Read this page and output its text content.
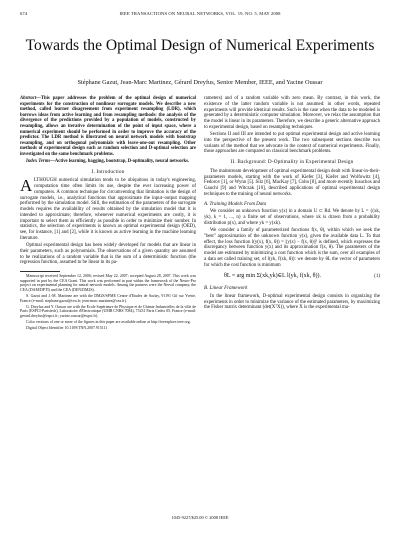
674	IEEE TRANSACTIONS ON NEURAL NETWORKS, VOL. 19, NO. 5, MAY 2008
Towards the Optimal Design of Numerical Experiments
Stéphane Gazut, Jean-Marc Martinez, Gérard Dreyfus, Senior Member, IEEE, and Yacine Oussar

Abstract—This paper addresses the problem of the optimal design of numerical experiments for the construction of nonlinear surrogate models. We describe a new method, called learner disagreement from experiment resampling (LDR), which borrows ideas from active learning and from resampling methods: the analysis of the divergence of the predictions provided by a population of models, constructed by resampling, allows an iterative determination of the point of input space, where a numerical experiment should be performed in order to improve the accuracy of the predictor. The LDR method is illustrated on neural network models with bootstrap resampling, and on orthogonal polynomials with leave-one-out resampling. Other methods of experimental design such as random selection and D-optimal selection are investigated on the same benchmark problems.

Index Terms—Active learning, bagging, bootstrap, D-optimality, neural networks.

I. Introduction

ALTHOUGH numerical simulation tends to be ubiquitous in today's engineering, computation time often limits its use, despite the ever increasing power of computers. A common technique for circumventing that limitation is the design of surrogate models, i.e., analytical functions that approximate the input–output mapping performed by the simulation model. Still, the estimation of the parameters of the surrogate models requires the availability of results obtained by the simulation model that it is intended to approximate; therefore, whenever numerical experiments are costly, it is important to select them as efficiently as possible in order to minimize their number. In statistics, the selection of experiments is known as optimal experimental design (OED), see, for instance, [1] and [2], while it is known as active learning in the machine learning literature.

Optimal experimental design has been widely developed for models that are linear in their parameters, such as polynomials. The observations of a given quantity are assumed to be realizations of a random variable that is the sum of a deterministic function (the regression function, assumed to be linear in its pa-

Manuscript received September 12, 2006; revised May 22, 2007; accepted August 28, 2007. This work was supported in part by the CEA Grant. This work was performed in part within the framework of the Neuro-Pro project on experimental planning for neural network models. Among the partners were the Nerval company, the CEA (DAM/DPTI) and the CEA (DEN/DM2S).

S. Gazut and J.-M. Martinez are with the DM2S/SFME Centre d'Etudes de Saclay, 91191 Gif sur Yvette, France (e-mail: stephane.gazut@cea.fr; jean-marc.martinez@cea.fr).

G. Dreyfus and Y. Oussar are with the Ecole Supérieure de Physique et de Chimie Industrielles de la ville de Paris (ESPCI-Paristech), Laboratoire d'Electronique (UMR CNRS 7084), 75231 Paris Cedex 05, France (e-mail: gerard.dreyfus@espci.fr; yacine.oussar@espci.fr).

Color versions of one or more of the figures in this paper are available online at http://ieeexplore.ieee.org.

Digital Object Identifier 10.1109/TNN.2007.915111

rameters) and of a random variable with zero mean. By contrast, in this work, the existence of the latter random variable is not assumed: in other words, repeated experiments will provide identical results. Such is the case when the data to be modeled is generated by a deterministic computer simulation. Moreover, we relax the assumption that the model is linear in its parameters. Therefore, we describe a generic alternative approach to experimental design, based on resampling techniques.

Sections II and III are intended to put optimal experimental design and active learning into the perspective of the present work. The two subsequent sections describe two variants of the method that we advocate in the context of numerical experiments. Finally, those approaches are compared on classical benchmark problems.

II. Background: D-Optimality in Experimental Design

The mainstream development of optimal experimental design dealt with linear-in-their-parameters models, starting with the work of Kiefer [3], Kiefer and Wolfowitz [4], Fedorov [1], or Wynn [5]. Silz [6], MacKay [7], Cohn [8], and more recently Iusuchos and Gauchi [9] and Witczak [10], described applications of optimal experimental design techniques to the training of neural networks.

A. Training Models From Data

We consider an unknown function y(x) in a domain U ⊂ Rd. We denote by L = {(xk, yk), k = 1, ..., n} a finite set of observations, where xk is drawn from a probability distribution p(x), and where yk = y(xk).

We consider a family of parameterized functions f(x, θ), within which we seek the "best" approximation of the unknown function y(x), given the available data L. To that effect, the loss function l(y(x), f(x, θ)) = ||y(x) − f(x, θ)||² is defined, which expresses the discrepancy between function y(x) and its approximation f(x, θ). The parameters of the model are estimated by minimizing a cost function which is the sum, over all examples of a data set called training set, of l(yk, f(xk, θ)): we denote by θL the vector of parameters for which the cost function is minimum

θL = arg min Σ(xk,yk)∈L l(yk, f(xk, θ)).	(1)
B. Linear Framework

In the linear framework, D-optimal experimental design consists in organizing the experiments in order to minimize the variance of the estimated parameters, by maximizing the Fisher matrix determinant (det(XᵀX)), where X is the experimental ma-

1045-9227/$25.00 © 2008 IEEE
